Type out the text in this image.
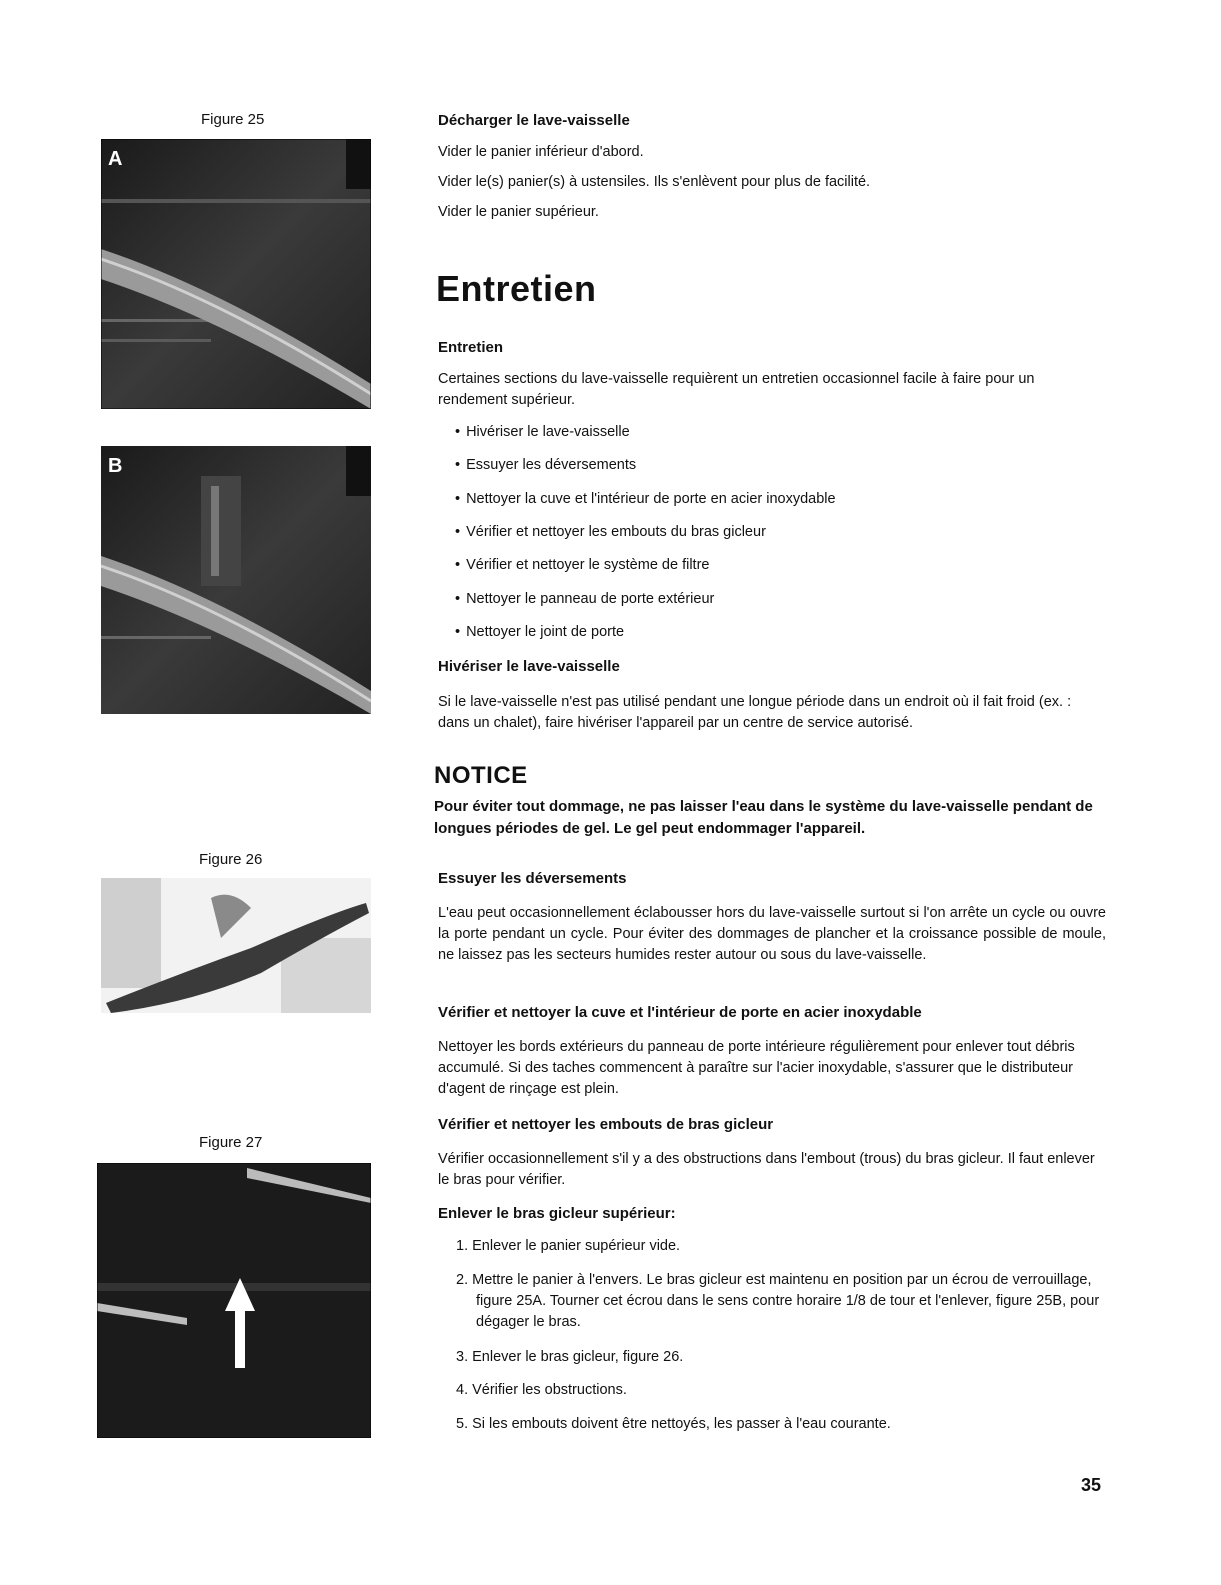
Figure 25
A
B
Figure 26
Figure 27
Décharger le lave-vaisselle
Vider le panier inférieur d'abord.
Vider le(s) panier(s) à ustensiles. Ils s'enlèvent pour plus de facilité.
Vider le panier supérieur.
Entretien
Entretien
Certaines sections du lave-vaisselle requièrent un entretien occasionnel facile à faire pour un rendement supérieur.
• Hivériser le lave-vaisselle
• Essuyer les déversements
• Nettoyer la cuve et l'intérieur de porte en acier inoxydable
• Vérifier et nettoyer les embouts du bras gicleur
• Vérifier et nettoyer le système de filtre
• Nettoyer le panneau de porte extérieur
• Nettoyer le joint de porte
Hivériser le lave-vaisselle
Si le lave-vaisselle n'est pas utilisé pendant une longue période dans un endroit où il fait froid (ex. : dans un chalet), faire hivériser l'appareil par un centre de service autorisé.
NOTICE
Pour éviter tout dommage, ne pas laisser l'eau dans le système du lave-vaisselle pendant de longues périodes de gel. Le gel peut endommager l'appareil.
Essuyer les déversements
L'eau peut occasionnellement éclabousser hors du lave-vaisselle surtout si l'on arrête un cycle ou ouvre la porte pendant un cycle. Pour éviter des dommages de plancher et la croissance possible de moule, ne laissez pas les secteurs humides rester autour ou sous du lave-vaisselle.
Vérifier et nettoyer la cuve et l'intérieur de porte en acier inoxydable
Nettoyer les bords extérieurs du panneau de porte intérieure régulièrement pour enlever tout débris accumulé. Si des taches commencent à paraître sur l'acier inoxydable, s'assurer que le distributeur d'agent de rinçage est plein.
Vérifier et nettoyer les embouts de bras gicleur
Vérifier occasionnellement s'il y a des obstructions dans l'embout (trous) du bras gicleur. Il faut enlever le bras pour vérifier.
Enlever le bras gicleur supérieur:
1. Enlever le panier supérieur vide.
2. Mettre le panier à l'envers. Le bras gicleur est maintenu en position par un écrou de verrouillage, figure 25A. Tourner cet écrou dans le sens contre horaire 1/8 de tour et l'enlever, figure 25B, pour dégager le bras.
3. Enlever le bras gicleur, figure 26.
4. Vérifier les obstructions.
5. Si les embouts doivent être nettoyés, les passer à l'eau courante.
35
